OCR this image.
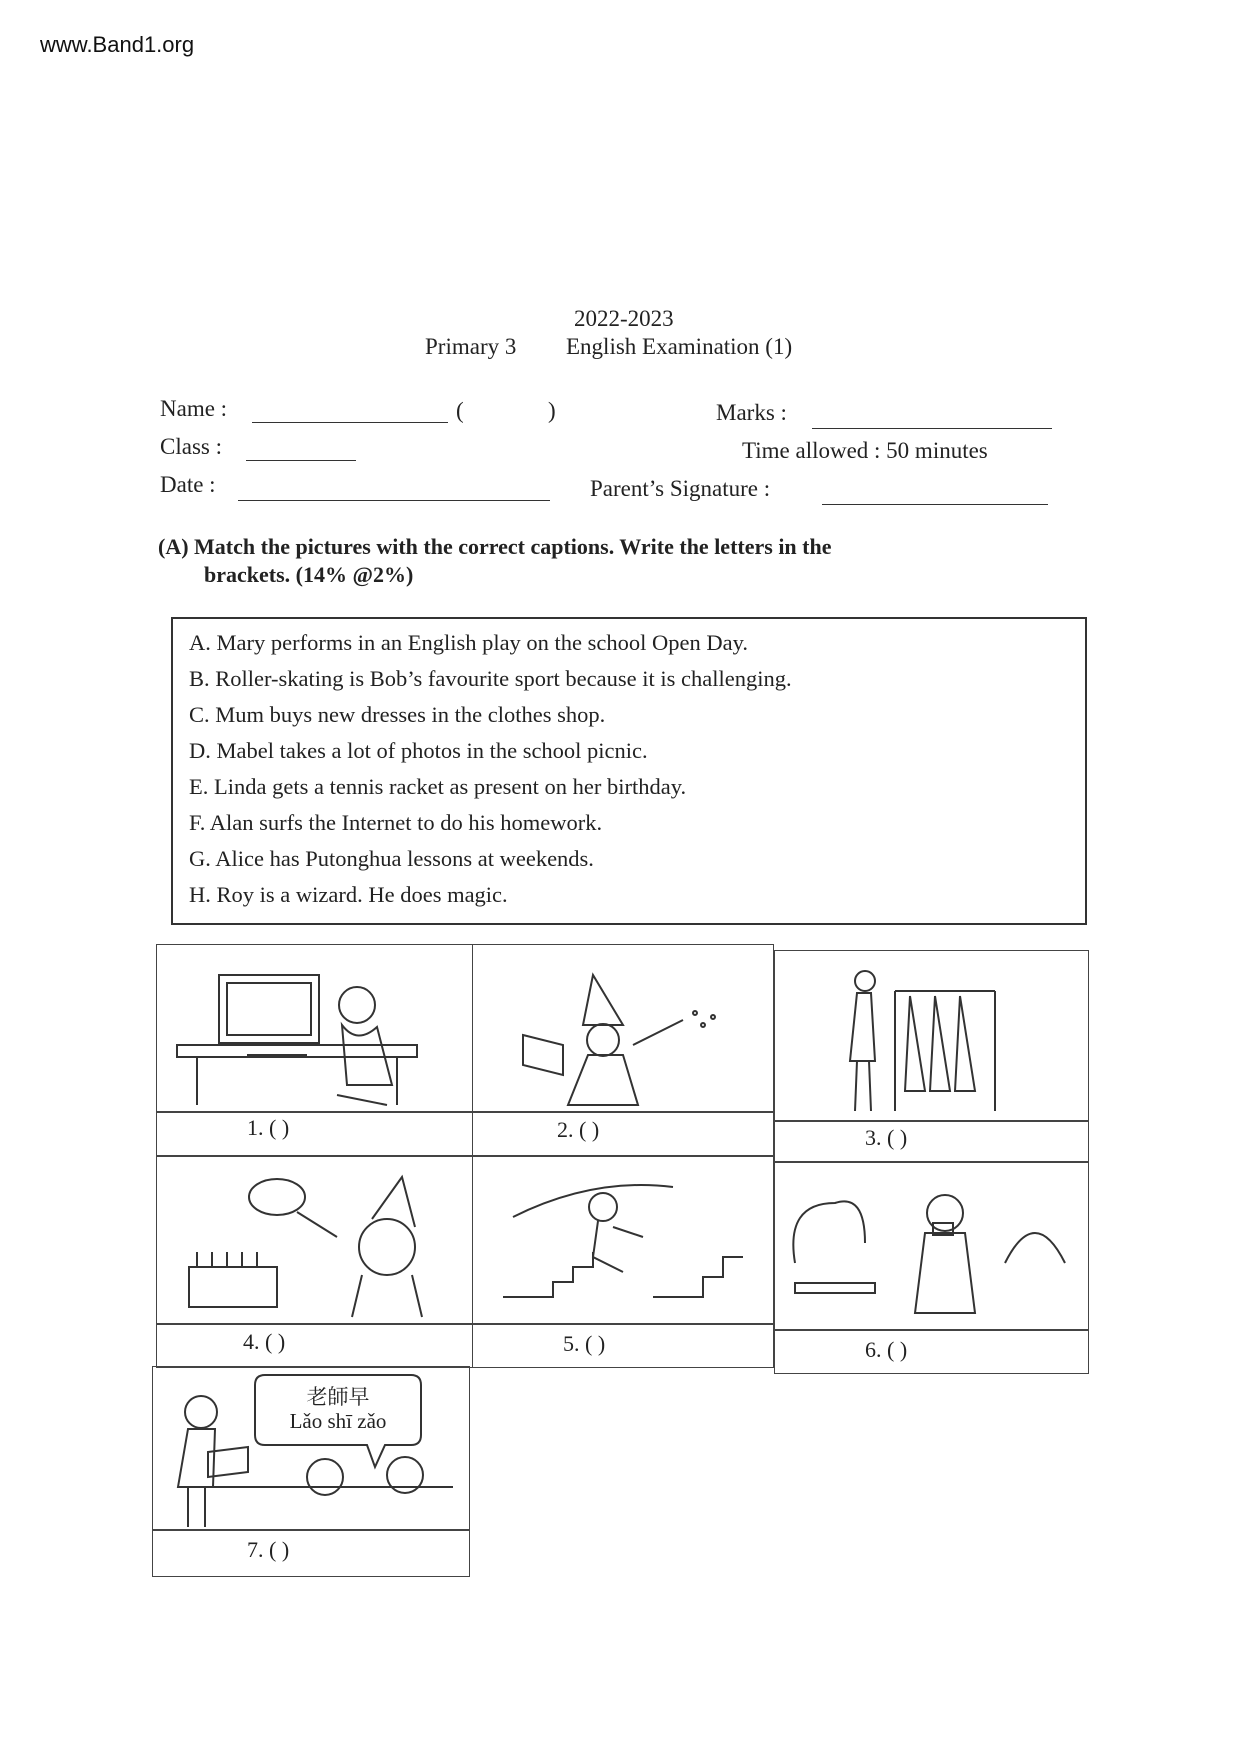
www.Band1.org
2022-2023
Primary 3 English Examination (1)
Name :	(	)	Marks :
Class :	Time allowed : 50 minutes
Date :	Parent’s Signature :
(A) Match the pictures with the correct captions. Write the letters in the
brackets. (14% @2%)
A. Mary performs in an English play on the school Open Day.
B. Roller-skating is Bob’s favourite sport because it is challenging.
C. Mum buys new dresses in the clothes shop.
D. Mabel takes a lot of photos in the school picnic.
E. Linda gets a tennis racket as present on her birthday.
F. Alan surfs the Internet to do his homework.
G. Alice has Putonghua lessons at weekends.
H. Roy is a wizard. He does magic.
1. ( )	2. ( )	3. ( )
4. ( )	5. ( )	6. ( )
老師早
Lǎo shī zǎo
7. ( )
